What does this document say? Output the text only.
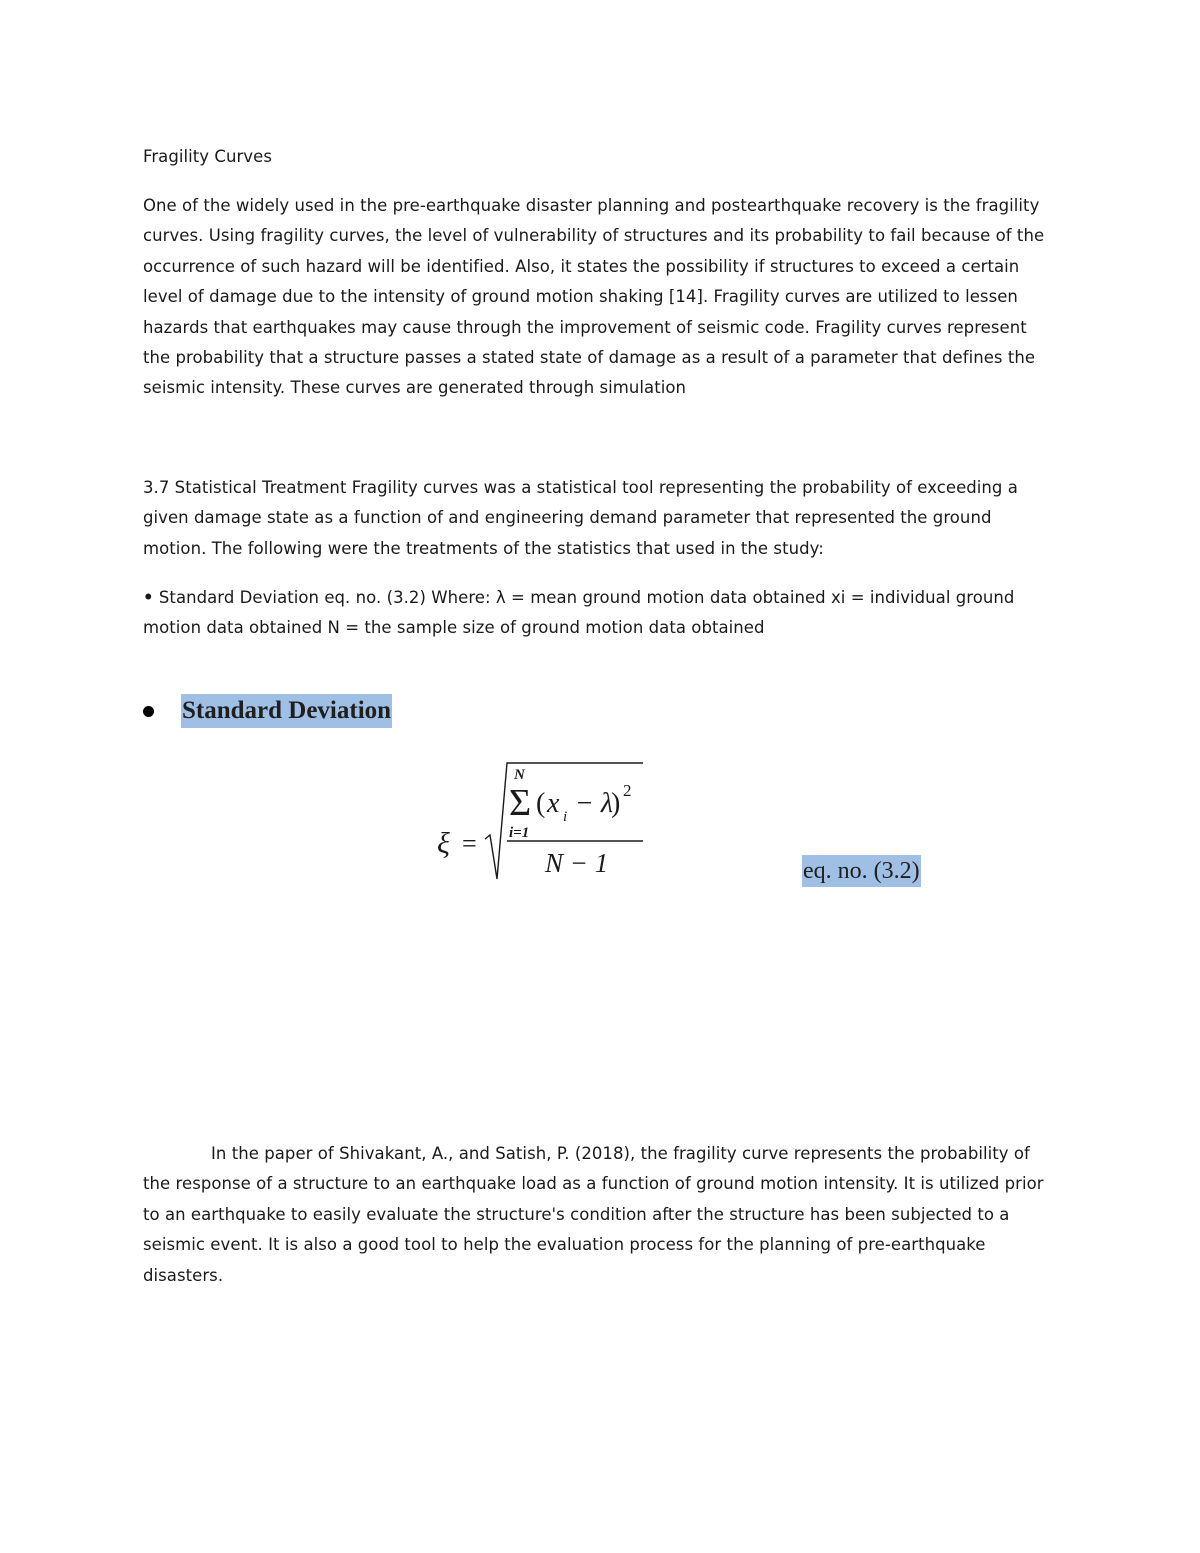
Fragility Curves
One of the widely used in the pre-earthquake disaster planning and postearthquake recovery is the fragility curves. Using fragility curves, the level of vulnerability of structures and its probability to fail because of the occurrence of such hazard will be identified. Also, it states the possibility if structures to exceed a certain level of damage due to the intensity of ground motion shaking [14]. Fragility curves are utilized to lessen hazards that earthquakes may cause through the improvement of seismic code. Fragility curves represent the probability that a structure passes a stated state of damage as a result of a parameter that defines the seismic intensity. These curves are generated through simulation
3.7 Statistical Treatment Fragility curves was a statistical tool representing the probability of exceeding a given damage state as a function of and engineering demand parameter that represented the ground motion. The following were the treatments of the statistics that used in the study:
• Standard Deviation eq. no. (3.2) Where: λ = mean ground motion data obtained xi = individual ground motion data obtained N = the sample size of ground motion data obtained
Standard Deviation
ξ =
N
Σ
i=1
( x i − λ
) 2
N − 1	eq. no. (3.2)
In the paper of Shivakant, A., and Satish, P. (2018), the fragility curve represents the probability of the response of a structure to an earthquake load as a function of ground motion intensity. It is utilized prior to an earthquake to easily evaluate the structure's condition after the structure has been subjected to a seismic event. It is also a good tool to help the evaluation process for the planning of pre-earthquake disasters.
